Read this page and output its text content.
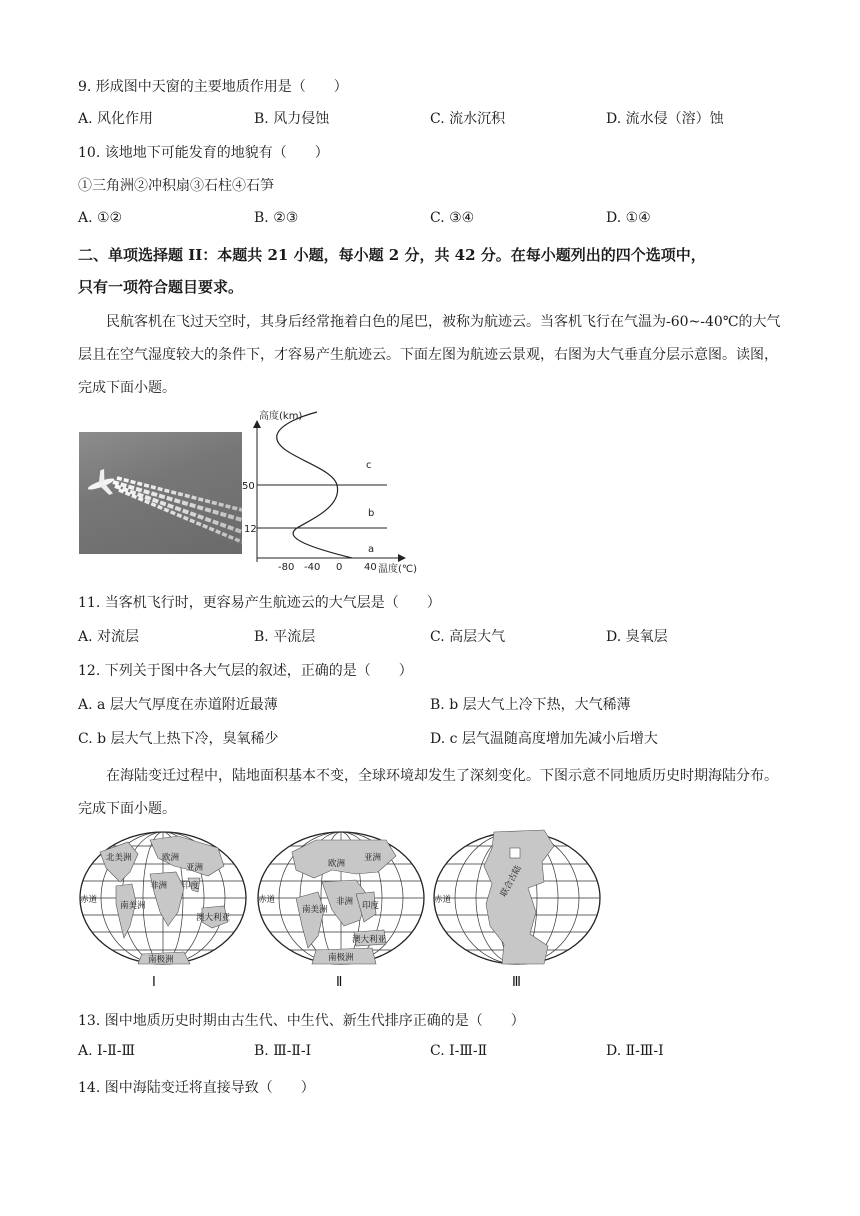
9. 形成图中天窗的主要地质作用是（　　）
A. 风化作用	B. 风力侵蚀	C. 流水沉积	D. 流水侵（溶）蚀
10. 该地地下可能发育的地貌有（　　）
①三角洲②冲积扇③石柱④石笋
A. ①②	B. ②③	C. ③④	D. ①④
二、单项选择题 II：本题共 21 小题，每小题 2 分，共 42 分。在每小题列出的四个选项中，
只有一项符合题目要求。
民航客机在飞过天空时，其身后经常拖着白色的尾巴，被称为航迹云。当客机飞行在气温为-60~-40℃的大气层且在空气湿度较大的条件下，才容易产生航迹云。下面左图为航迹云景观，右图为大气垂直分层示意图。读图，完成下面小题。
高度(km)
50
12
-80 -40 0 40 温度(℃)
c
b
a
11. 当客机飞行时，更容易产生航迹云的大气层是（　　）
A. 对流层	B. 平流层	C. 高层大气	D. 臭氧层
12. 下列关于图中各大气层的叙述，正确的是（　　）
A. a 层大气厚度在赤道附近最薄	B. b 层大气上冷下热，大气稀薄
C. b 层大气上热下冷，臭氧稀少	D. c 层气温随高度增加先减小后增大
在海陆变迁过程中，陆地面积基本不变，全球环境却发生了深刻变化。下图示意不同地质历史时期海陆分布。完成下面小题。
北美洲	欧洲
亚洲
非洲 印度
赤道
南美洲
澳大利亚
南极洲
Ⅰ
亚洲
欧洲
赤道
南美洲
非洲 印度
澳大利亚
南极洲
Ⅱ
赤道
联合古陆
Ⅲ
13. 图中地质历史时期由古生代、中生代、新生代排序正确的是（　　）
A. Ⅰ-Ⅱ-Ⅲ	B. Ⅲ-Ⅱ-Ⅰ	C. Ⅰ-Ⅲ-Ⅱ	D. Ⅱ-Ⅲ-Ⅰ
14. 图中海陆变迁将直接导致（　　）
